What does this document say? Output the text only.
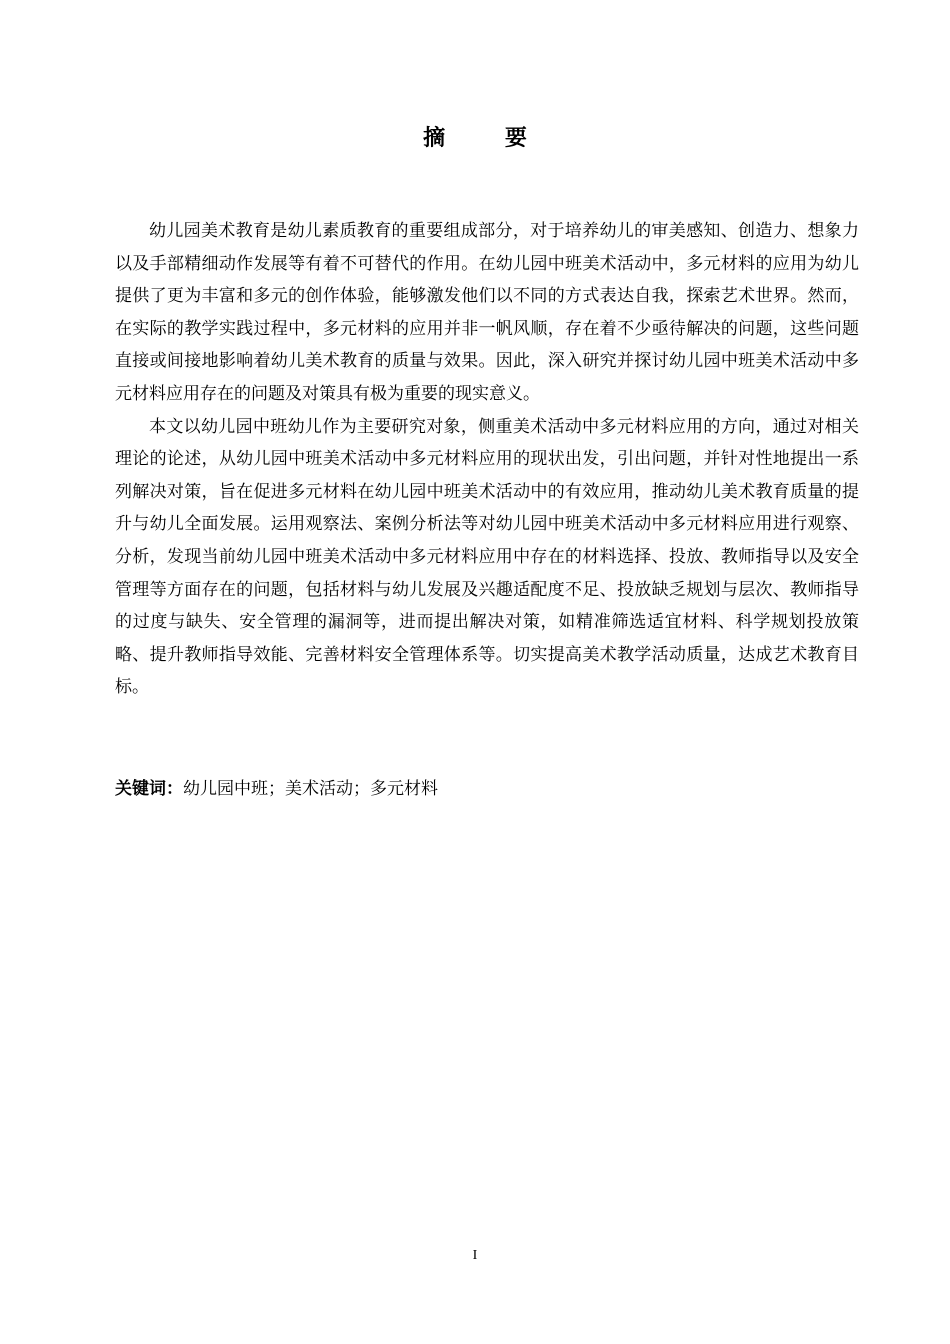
摘 要

幼儿园美术教育是幼儿素质教育的重要组成部分，对于培养幼儿的审美感知、创造力、想象力以及手部精细动作发展等有着不可替代的作用。在幼儿园中班美术活动中，多元材料的应用为幼儿提供了更为丰富和多元的创作体验，能够激发他们以不同的方式表达自我，探索艺术世界。然而，在实际的教学实践过程中，多元材料的应用并非一帆风顺，存在着不少亟待解决的问题，这些问题直接或间接地影响着幼儿美术教育的质量与效果。因此，深入研究并探讨幼儿园中班美术活动中多元材料应用存在的问题及对策具有极为重要的现实意义。

本文以幼儿园中班幼儿作为主要研究对象，侧重美术活动中多元材料应用的方向，通过对相关理论的论述，从幼儿园中班美术活动中多元材料应用的现状出发，引出问题，并针对性地提出一系列解决对策，旨在促进多元材料在幼儿园中班美术活动中的有效应用，推动幼儿美术教育质量的提升与幼儿全面发展。运用观察法、案例分析法等对幼儿园中班美术活动中多元材料应用进行观察、分析，发现当前幼儿园中班美术活动中多元材料应用中存在的材料选择、投放、教师指导以及安全管理等方面存在的问题，包括材料与幼儿发展及兴趣适配度不足、投放缺乏规划与层次、教师指导的过度与缺失、安全管理的漏洞等，进而提出解决对策，如精准筛选适宜材料、科学规划投放策略、提升教师指导效能、完善材料安全管理体系等。切实提高美术教学活动质量，达成艺术教育目标。

关键词：幼儿园中班；美术活动；多元材料

I
